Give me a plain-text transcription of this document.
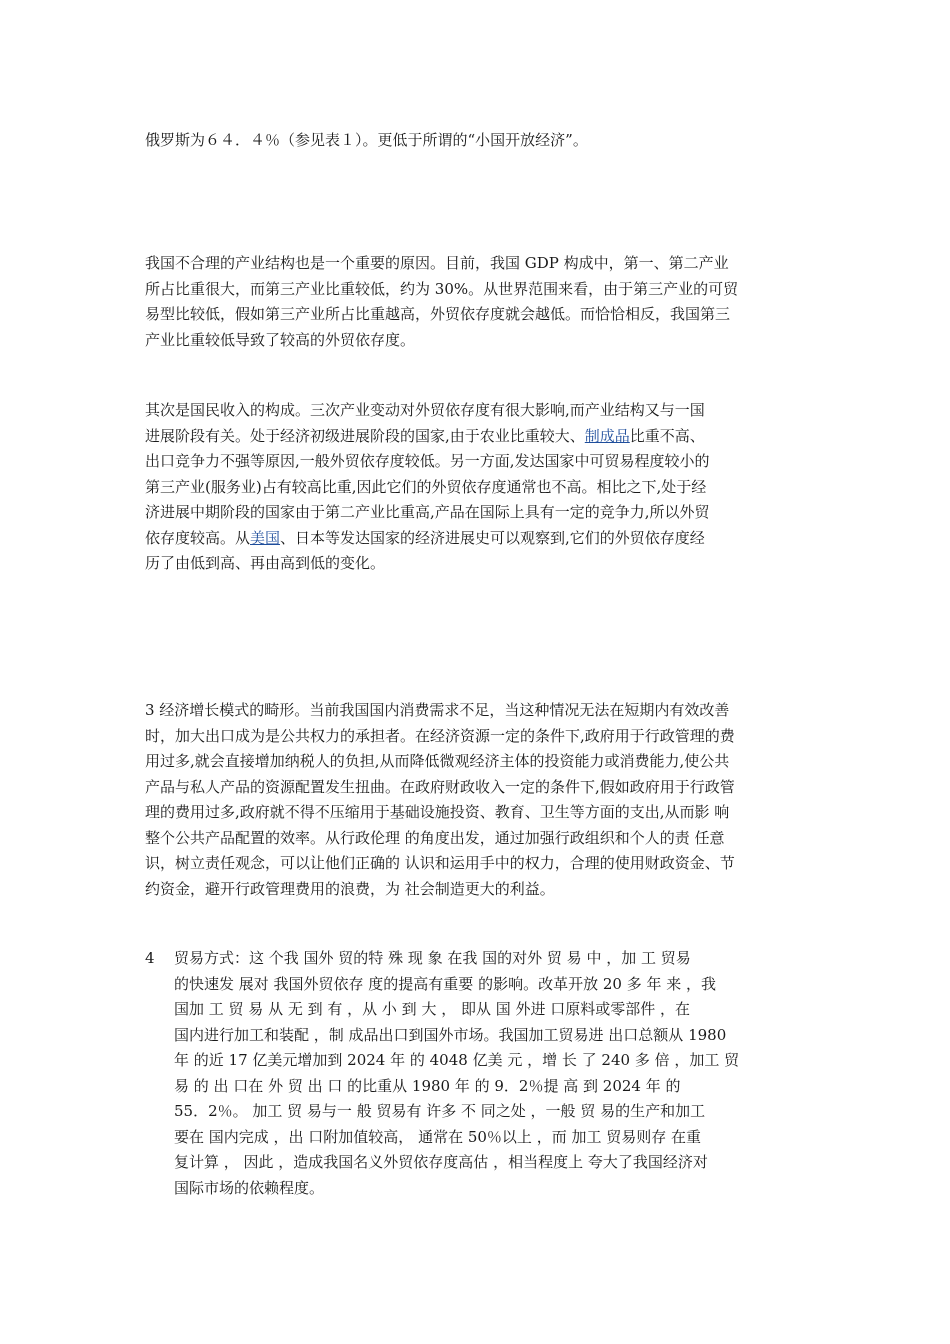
俄罗斯为６４．４％（参见表１）。更低于所谓的“小国开放经济”。
我国不合理的产业结构也是一个重要的原因。目前，我国 GDP 构成中，第一、第二产业
所占比重很大，而第三产业比重较低，约为 30%。从世界范围来看，由于第三产业的可贸
易型比较低，假如第三产业所占比重越高，外贸依存度就会越低。而恰恰相反，我国第三
产业比重较低导致了较高的外贸依存度。
其次是国民收入的构成。三次产业变动对外贸依存度有很大影响,而产业结构又与一国
进展阶段有关。处于经济初级进展阶段的国家,由于农业比重较大、制成品比重不高、
出口竞争力不强等原因,一般外贸依存度较低。另一方面,发达国家中可贸易程度较小的
第三产业(服务业)占有较高比重,因此它们的外贸依存度通常也不高。相比之下,处于经
济进展中期阶段的国家由于第二产业比重高,产品在国际上具有一定的竞争力,所以外贸
依存度较高。从美国、日本等发达国家的经济进展史可以观察到,它们的外贸依存度经
历了由低到高、再由高到低的变化。
3 经济增长模式的畸形。当前我国国内消费需求不足，当这种情况无法在短期内有效改善
时，加大出口成为是公共权力的承担者。在经济资源一定的条件下,政府用于行政管理的费
用过多,就会直接增加纳税人的负担,从而降低微观经济主体的投资能力或消费能力,使公共
产品与私人产品的资源配置发生扭曲。在政府财政收入一定的条件下,假如政府用于行政管
理的费用过多,政府就不得不压缩用于基础设施投资、教育、卫生等方面的支出,从而影 响
整个公共产品配置的效率。从行政伦理 的角度出发，通过加强行政组织和个人的责 任意
识，树立责任观念，可以让他们正确的 认识和运用手中的权力，合理的使用财政资金、节
约资金，避开行政管理费用的浪费，为 社会制造更大的利益。
4 贸易方式：这 个我 国外 贸的特 殊 现 象 在我 国的对外 贸 易 中 ，加 工 贸易
的快速发 展对 我国外贸依存 度的提高有重要 的影响。改革开放 20 多 年 来 ，我
国加 工 贸 易 从 无 到 有 ，从 小 到 大 ， 即从 国 外进 口原料或零部件 ，在
国内进行加工和装配 ，制 成品出口到国外市场。我国加工贸易进 出口总额从 1980
年 的近 17 亿美元增加到 2024 年 的 4048 亿美 元 ，增 长 了 240 多 倍 ，加工 贸
易 的 出 口在 外 贸 出 口 的比重从 1980 年 的 9．2％提 高 到 2024 年 的
55．2％。 加工 贸 易与一 般 贸易有 许多 不 同之处 ，一般 贸 易的生产和加工
要在 国内完成 ，出 口附加值较高， 通常在 50％以上 ，而 加工 贸易则存 在重
复计算 ， 因此 ，造成我国名义外贸依存度高估 ，相当程度上 夸大了我国经济对
国际市场的依赖程度。
